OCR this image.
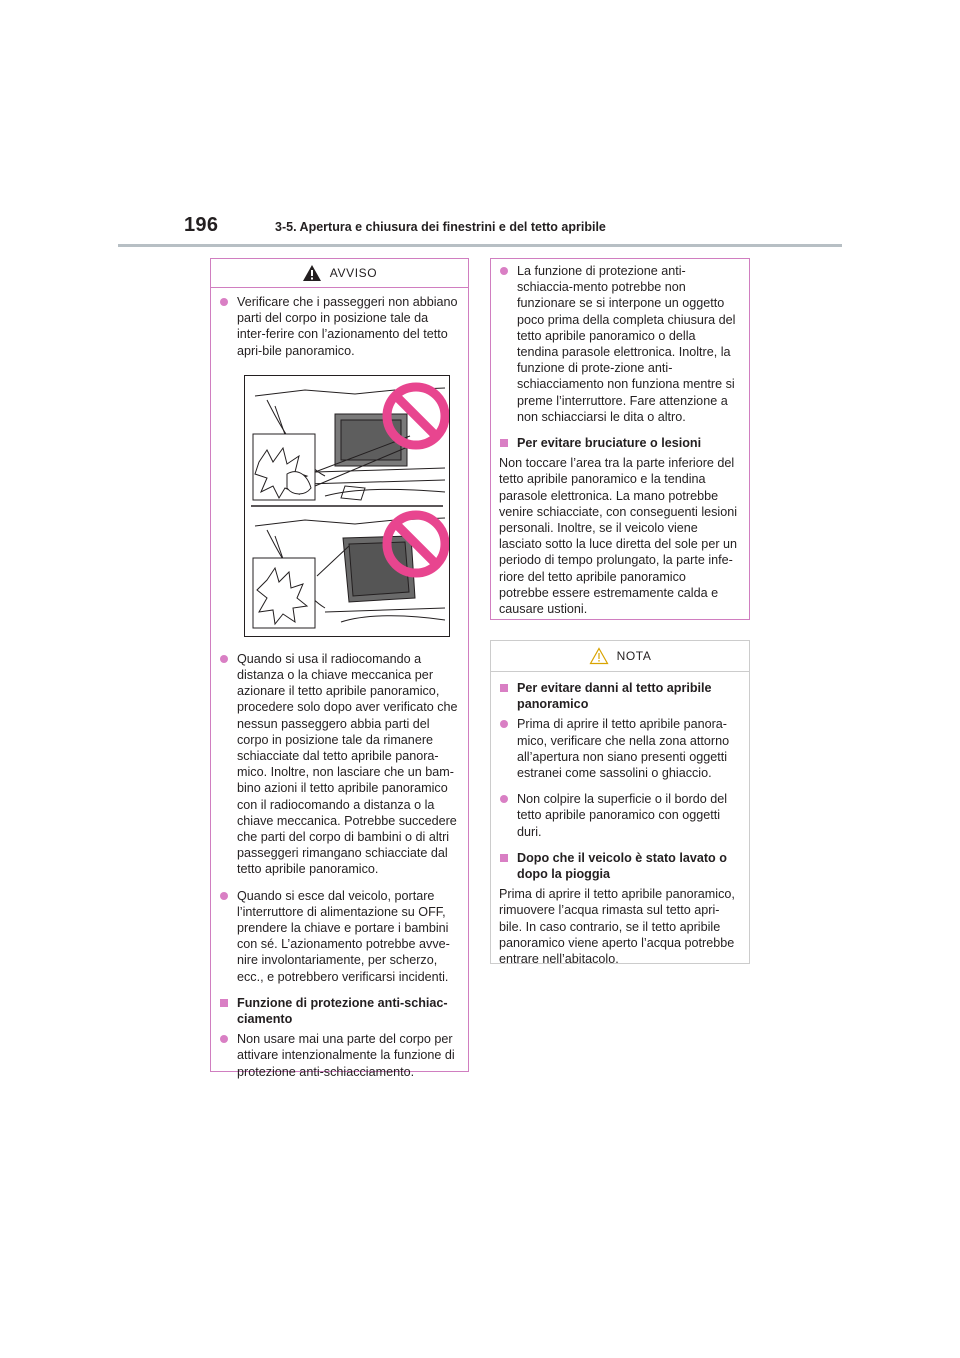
196	3-5. Apertura e chiusura dei finestrini e del tetto apribile
AVVISO
Verificare che i passeggeri non abbiano parti del corpo in posizione tale da inter-ferire con l’azionamento del tetto apri-bile panoramico.
Quando si usa il radiocomando a distanza o la chiave meccanica per azionare il tetto apribile panoramico, procedere solo dopo aver verificato che nessun passeggero abbia parti del corpo in posizione tale da rimanere schiacciate dal tetto apribile panora-mico. Inoltre, non lasciare che un bam-bino azioni il tetto apribile panoramico con il radiocomando a distanza o la chiave meccanica. Potrebbe succedere che parti del corpo di bambini o di altri passeggeri rimangano schiacciate dal tetto apribile panoramico.
Quando si esce dal veicolo, portare l’interruttore di alimentazione su OFF, prendere la chiave e portare i bambini con sé. L’azionamento potrebbe avve-nire involontariamente, per scherzo, ecc., e potrebbero verificarsi incidenti.
Funzione di protezione anti-schiac-ciamento
Non usare mai una parte del corpo per attivare intenzionalmente la funzione di protezione anti-schiacciamento.
La funzione di protezione anti-schiaccia-mento potrebbe non funzionare se si interpone un oggetto poco prima della completa chiusura del tetto apribile panoramico o della tendina parasole elettronica. Inoltre, la funzione di prote-zione anti-schiacciamento non funziona mentre si preme l’interruttore. Fare attenzione a non schiacciarsi le dita o altro.
Per evitare bruciature o lesioni
Non toccare l’area tra la parte inferiore del tetto apribile panoramico e la tendina parasole elettronica. La mano potrebbe venire schiacciate, con conseguenti lesioni personali. Inoltre, se il veicolo viene lasciato sotto la luce diretta del sole per un periodo di tempo prolungato, la parte infe-riore del tetto apribile panoramico potrebbe essere estremamente calda e causare ustioni.
NOTA
Per evitare danni al tetto apribile panoramico
Prima di aprire il tetto apribile panora-mico, verificare che nella zona attorno all’apertura non siano presenti oggetti estranei come sassolini o ghiaccio.
Non colpire la superficie o il bordo del tetto apribile panoramico con oggetti duri.
Dopo che il veicolo è stato lavato o dopo la pioggia
Prima di aprire il tetto apribile panoramico, rimuovere l’acqua rimasta sul tetto apri-bile. In caso contrario, se il tetto apribile panoramico viene aperto l’acqua potrebbe entrare nell’abitacolo.
